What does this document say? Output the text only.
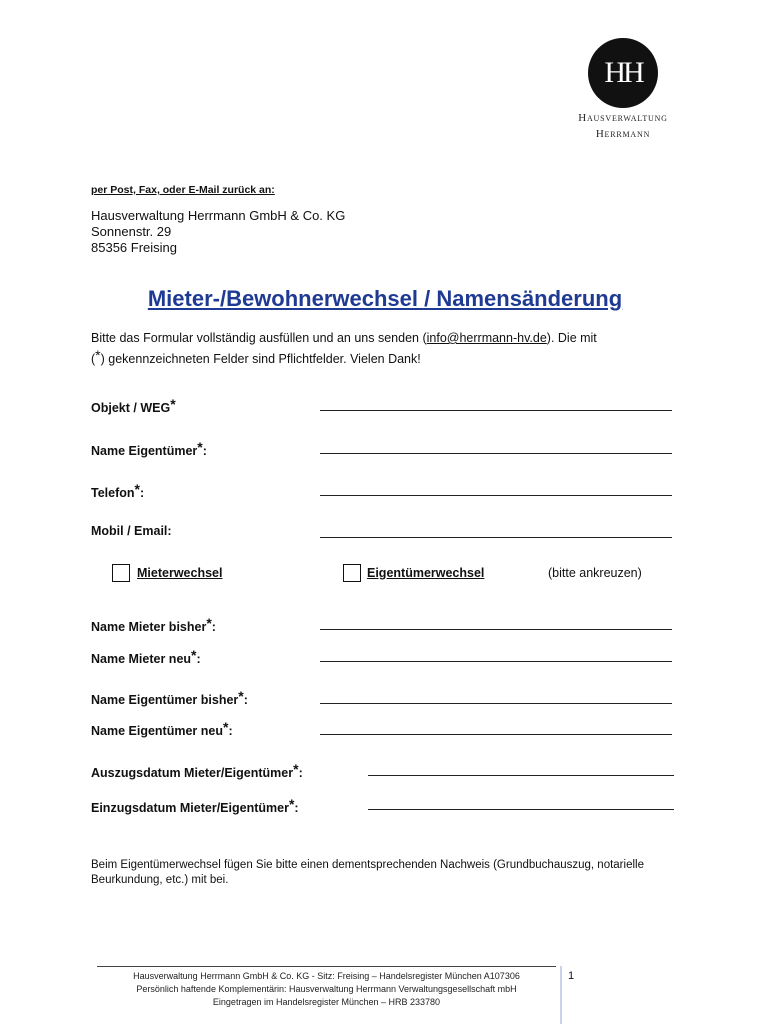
HH
Hausverwaltung
Herrmann
per Post, Fax, oder E-Mail zurück an:
Hausverwaltung Herrmann GmbH & Co. KG
Sonnenstr. 29
85356 Freising
Mieter-/Bewohnerwechsel / Namensänderung
Bitte das Formular vollständig ausfüllen und an uns senden (info@herrmann-hv.de). Die mit
(*) gekennzeichneten Felder sind Pflichtfelder. Vielen Dank!
Objekt / WEG*
Name Eigentümer*:
Telefon*:
Mobil / Email:
Mieterwechsel	Eigentümerwechsel	(bitte ankreuzen)
Name Mieter bisher*:
Name Mieter neu*:
Name Eigentümer bisher*:
Name Eigentümer neu*:
Auszugsdatum Mieter/Eigentümer*:
Einzugsdatum Mieter/Eigentümer*:
Beim Eigentümerwechsel fügen Sie bitte einen dementsprechenden Nachweis (Grundbuchauszug, notarielle Beurkundung, etc.) mit bei.
Hausverwaltung Herrmann GmbH & Co. KG - Sitz: Freising – Handelsregister München A107306
Persönlich haftende Komplementärin: Hausverwaltung Herrmann Verwaltungsgesellschaft mbH
Eingetragen im Handelsregister München – HRB 233780
1
